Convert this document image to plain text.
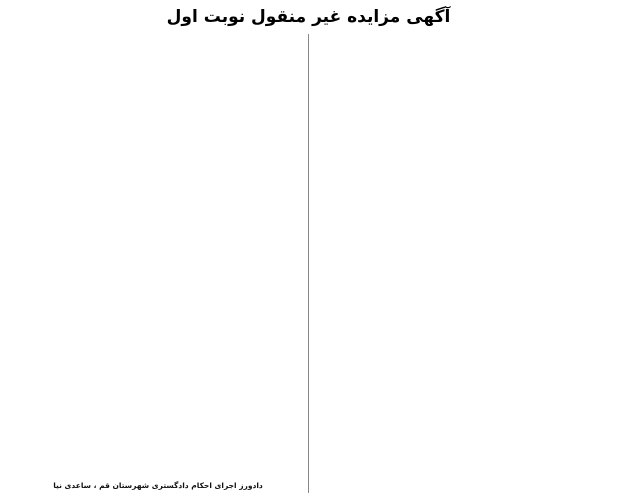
آگهی مزایده غیر منقول نوبت اول

دادورز اجرای احکام دادگستری شهرستان قم ، ساعدی نیا
